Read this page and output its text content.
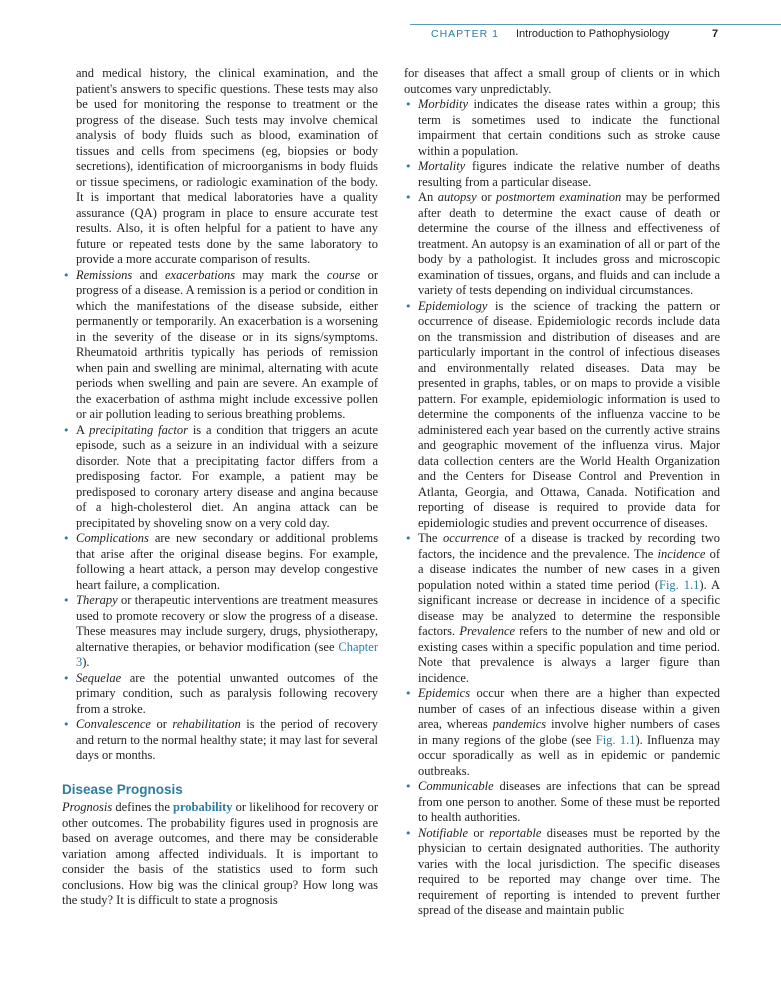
CHAPTER 1 Introduction to Pathophysiology	7

and medical history, the clinical examination, and the patient's answers to specific questions. These tests may also be used for monitoring the response to treatment or the progress of the disease. Such tests may involve chemical analysis of body fluids such as blood, examination of tissues and cells from specimens (eg, biopsies or body secretions), identification of microorganisms in body fluids or tissue specimens, or radiologic examination of the body. It is important that medical laboratories have a quality assurance (QA) program in place to ensure accurate test results. Also, it is often helpful for a patient to have any future or repeated tests done by the same laboratory to provide a more accurate comparison of results.

• Remissions and exacerbations may mark the course or progress of a disease. A remission is a period or condition in which the manifestations of the disease subside, either permanently or temporarily. An exacerbation is a worsening in the severity of the disease or in its signs/symptoms. Rheumatoid arthritis typically has periods of remission when pain and swelling are minimal, alternating with acute periods when swelling and pain are severe. An example of the exacerbation of asthma might include excessive pollen or air pollution leading to serious breathing problems.
• A precipitating factor is a condition that triggers an acute episode, such as a seizure in an individual with a seizure disorder. Note that a precipitating factor differs from a predisposing factor. For example, a patient may be predisposed to coronary artery disease and angina because of a high-cholesterol diet. An angina attack can be precipitated by shoveling snow on a very cold day.
• Complications are new secondary or additional problems that arise after the original disease begins. For example, following a heart attack, a person may develop congestive heart failure, a complication.
• Therapy or therapeutic interventions are treatment measures used to promote recovery or slow the progress of a disease. These measures may include surgery, drugs, physiotherapy, alternative therapies, or behavior modification (see Chapter 3).
• Sequelae are the potential unwanted outcomes of the primary condition, such as paralysis following recovery from a stroke.
• Convalescence or rehabilitation is the period of recovery and return to the normal healthy state; it may last for several days or months.
Disease Prognosis

Prognosis defines the probability or likelihood for recovery or other outcomes. The probability figures used in prognosis are based on average outcomes, and there may be considerable variation among affected individuals. It is important to consider the basis of the statistics used to form such conclusions. How big was the clinical group? How long was the study? It is difficult to state a prognosis

for diseases that affect a small group of clients or in which outcomes vary unpredictably.

• Morbidity indicates the disease rates within a group; this term is sometimes used to indicate the functional impairment that certain conditions such as stroke cause within a population.
• Mortality figures indicate the relative number of deaths resulting from a particular disease.
• An autopsy or postmortem examination may be performed after death to determine the exact cause of death or determine the course of the illness and effectiveness of treatment. An autopsy is an examination of all or part of the body by a pathologist. It includes gross and microscopic examination of tissues, organs, and fluids and can include a variety of tests depending on individual circumstances.
• Epidemiology is the science of tracking the pattern or occurrence of disease. Epidemiologic records include data on the transmission and distribution of diseases and are particularly important in the control of infectious diseases and environmentally related diseases. Data may be presented in graphs, tables, or on maps to provide a visible pattern. For example, epidemiologic information is used to determine the components of the influenza vaccine to be administered each year based on the currently active strains and geographic movement of the influenza virus. Major data collection centers are the World Health Organization and the Centers for Disease Control and Prevention in Atlanta, Georgia, and Ottawa, Canada. Notification and reporting of disease is required to provide data for epidemiologic studies and prevent occurrence of diseases.
• The occurrence of a disease is tracked by recording two factors, the incidence and the prevalence. The incidence of a disease indicates the number of new cases in a given population noted within a stated time period (Fig. 1.1). A significant increase or decrease in incidence of a specific disease may be analyzed to determine the responsible factors. Prevalence refers to the number of new and old or existing cases within a specific population and time period. Note that prevalence is always a larger figure than incidence.
• Epidemics occur when there are a higher than expected number of cases of an infectious disease within a given area, whereas pandemics involve higher numbers of cases in many regions of the globe (see Fig. 1.1). Influenza may occur sporadically as well as in epidemic or pandemic outbreaks.
• Communicable diseases are infections that can be spread from one person to another. Some of these must be reported to health authorities.
• Notifiable or reportable diseases must be reported by the physician to certain designated authorities. The authority varies with the local jurisdiction. The specific diseases required to be reported may change over time. The requirement of reporting is intended to prevent further spread of the disease and maintain public
